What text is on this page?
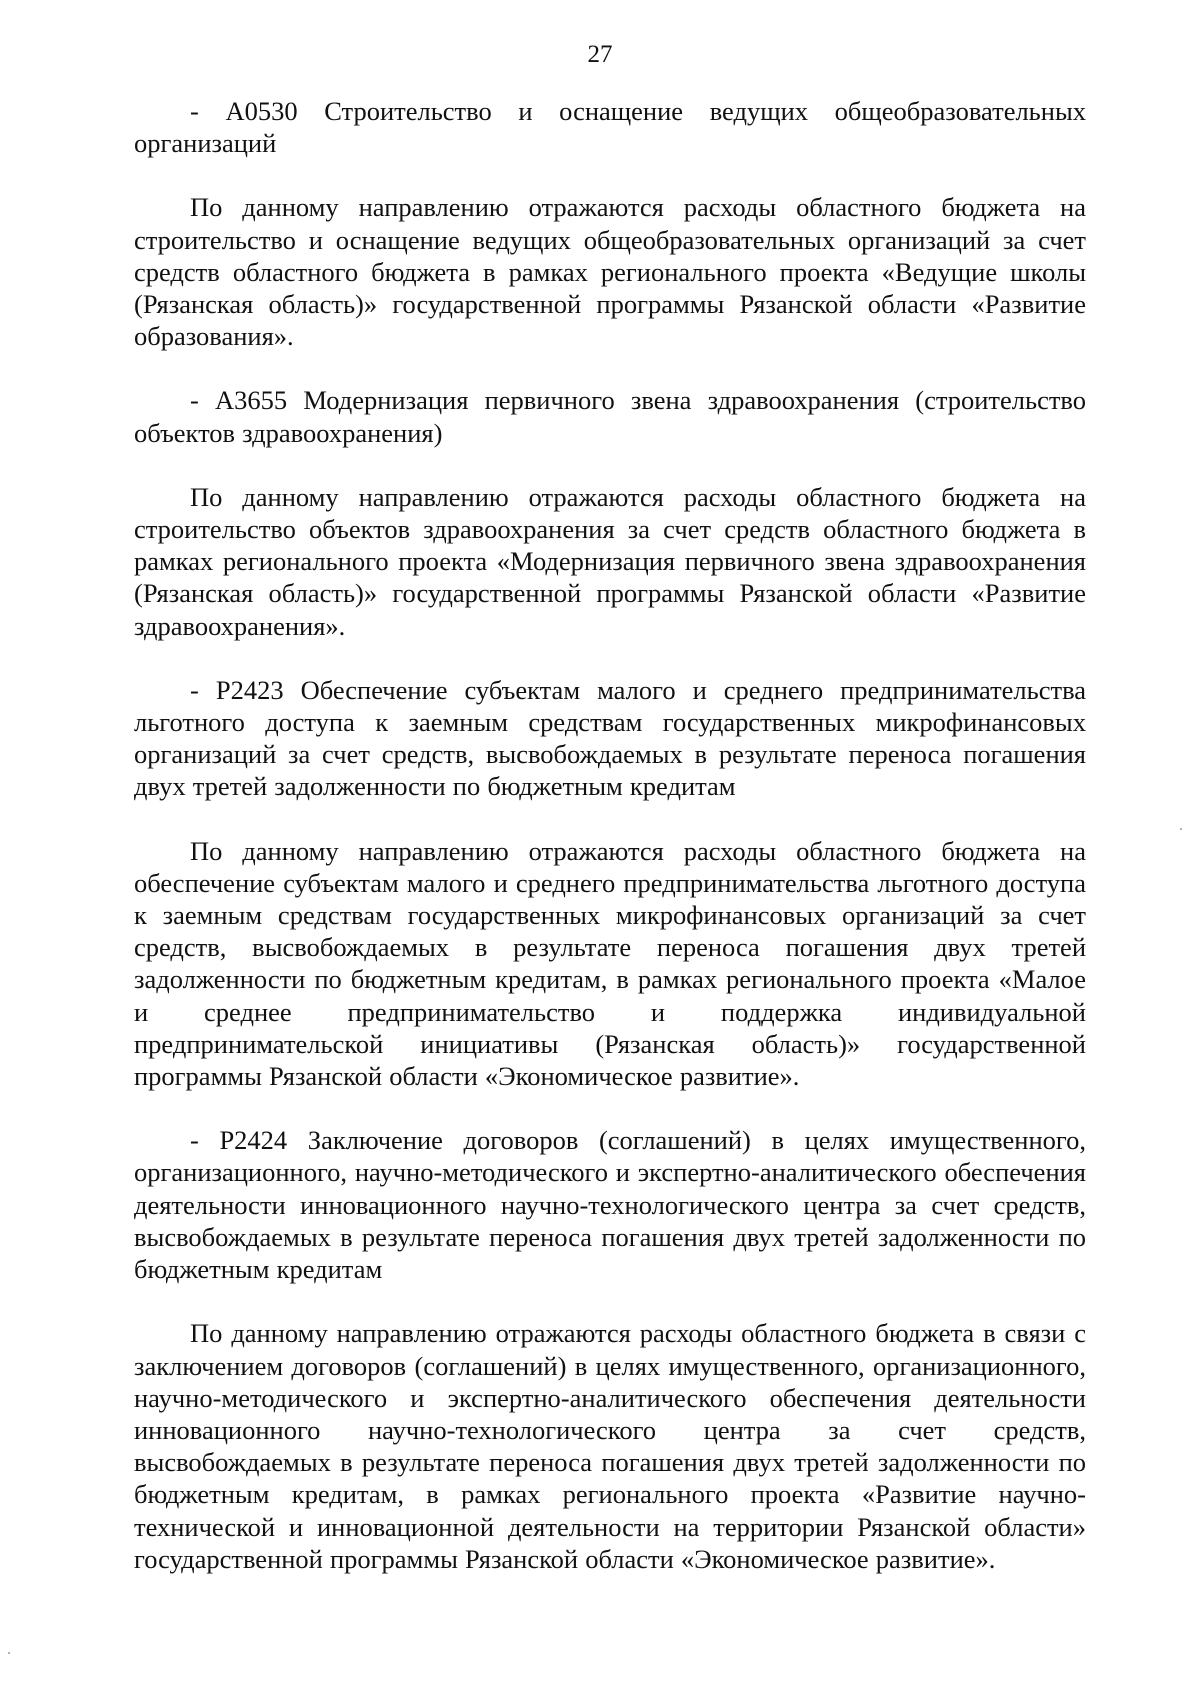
27

- А0530 Строительство и оснащение ведущих общеобразовательных организаций

По данному направлению отражаются расходы областного бюджета на строительство и оснащение ведущих общеобразовательных организаций за счет средств областного бюджета в рамках регионального проекта «Ведущие школы (Рязанская область)» государственной программы Рязанской области «Развитие образования».

- А3655 Модернизация первичного звена здравоохранения (строительство объектов здравоохранения)

По данному направлению отражаются расходы областного бюджета на строительство объектов здравоохранения за счет средств областного бюджета в рамках регионального проекта «Модернизация первичного звена здравоохранения (Рязанская область)» государственной программы Рязанской области «Развитие здравоохранения».

- Р2423 Обеспечение субъектам малого и среднего предпринимательства льготного доступа к заемным средствам государственных микрофинансовых организаций за счет средств, высвобождаемых в результате переноса погашения двух третей задолженности по бюджетным кредитам

По данному направлению отражаются расходы областного бюджета на обеспечение субъектам малого и среднего предпринимательства льготного доступа к заемным средствам государственных микрофинансовых организаций за счет средств, высвобождаемых в результате переноса погашения двух третей задолженности по бюджетным кредитам, в рамках регионального проекта «Малое и среднее предпринимательство и поддержка индивидуальной предпринимательской инициативы (Рязанская область)» государственной программы Рязанской области «Экономическое развитие».

- Р2424 Заключение договоров (соглашений) в целях имущественного, организационного, научно-методического и экспертно-аналитического обеспечения деятельности инновационного научно-технологического центра за счет средств, высвобождаемых в результате переноса погашения двух третей задолженности по бюджетным кредитам

По данному направлению отражаются расходы областного бюджета в связи с заключением договоров (соглашений) в целях имущественного, организационного, научно-методического и экспертно-аналитического обеспечения деятельности инновационного научно-технологического центра за счет средств, высвобождаемых в результате переноса погашения двух третей задолженности по бюджетным кредитам, в рамках регионального проекта «Развитие научно-технической и инновационной деятельности на территории Рязанской области» государственной программы Рязанской области «Экономическое развитие».
